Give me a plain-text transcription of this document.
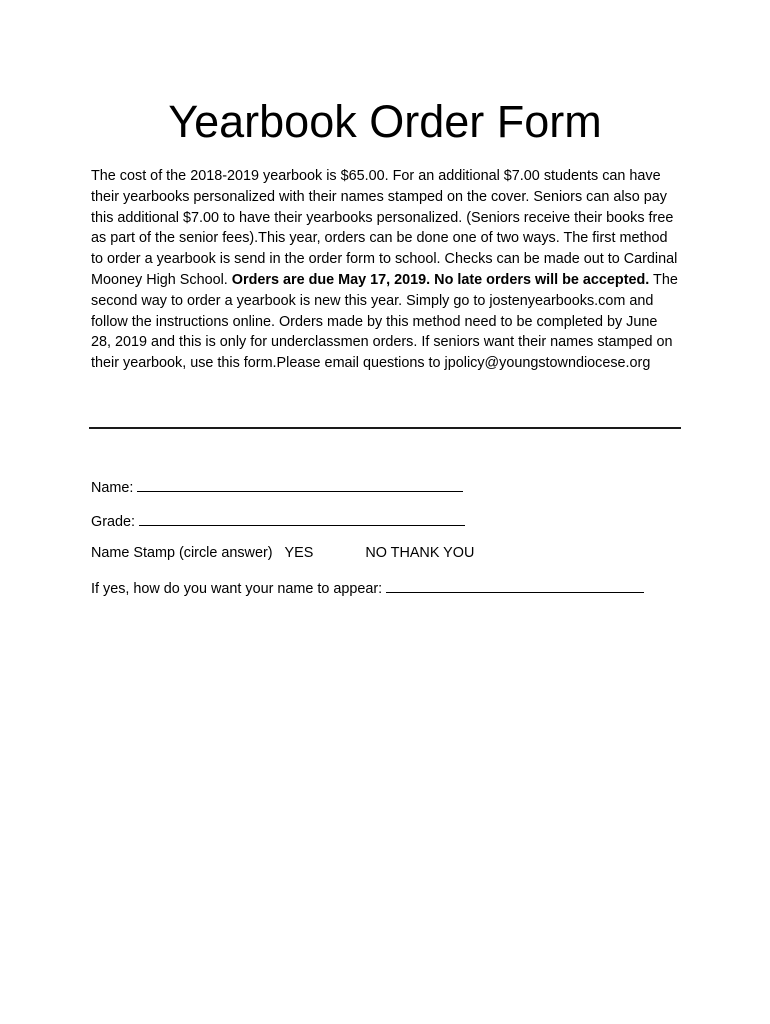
Yearbook Order Form

The cost of the 2018-2019 yearbook is $65.00. For an additional $7.00 students can have their yearbooks personalized with their names stamped on the cover. Seniors can also pay this additional $7.00 to have their yearbooks personalized. (Seniors receive their books free as part of the senior fees).This year, orders can be done one of two ways. The first method to order a yearbook is send in the order form to school. Checks can be made out to Cardinal Mooney High School. Orders are due May 17, 2019. No late orders will be accepted. The second way to order a yearbook is new this year. Simply go to jostenyearbooks.com and follow the instructions online. Orders made by this method need to be completed by June 28, 2019 and this is only for underclassmen orders. If seniors want their names stamped on their yearbook, use this form.Please email questions to jpolicy@youngstowndiocese.org

Name:
Grade:
Name Stamp (circle answer) YES	NO THANK YOU
If yes, how do you want your name to appear:
